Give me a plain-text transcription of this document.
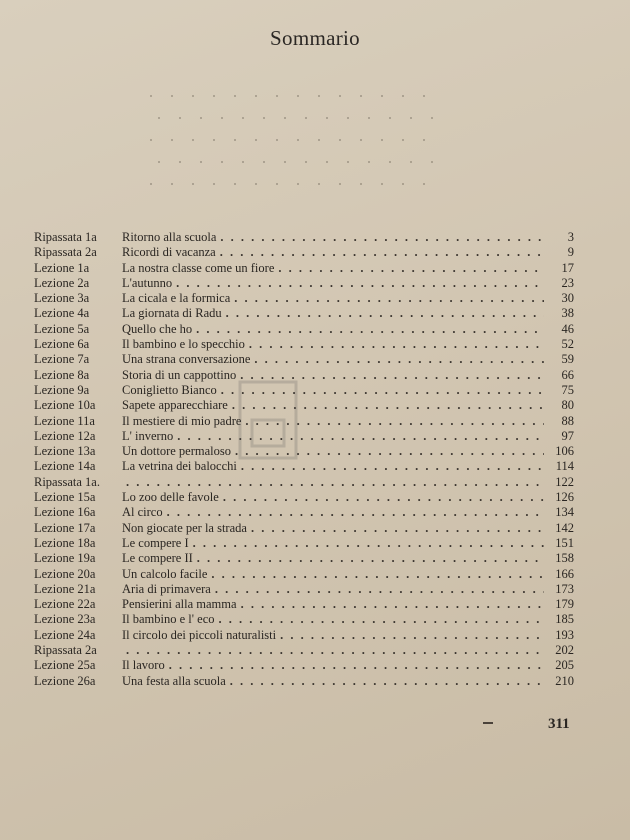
Sommario
Ripassata 1a	Ritorno alla scuola . . .	3
Ripassata 2a	Ricordi di vacanza . . .	9
Lezione 1a	La nostra classe come un fiore . . .	17
Lezione 2a	L'autunno . . .	23
Lezione 3a	La cicala e la formica . . .	30
Lezione 4a	La giornata di Radu . . .	38
Lezione 5a	Quello che ho . . .	46
Lezione 6a	Il bambino e lo specchio . . .	52
Lezione 7a	Una strana conversazione . . .	59
Lezione 8a	Storia di un cappottino . . .	66
Lezione 9a	Coniglietto Bianco . . .	75
Lezione 10a	Sapete apparecchiare . . .	80
Lezione 11a	Il mestiere di mio padre . . .	88
Lezione 12a	L' inverno . . .	97
Lezione 13a	Un dottore permaloso . . .	106
Lezione 14a	La vetrina dei balocchi . . .	114
Ripassata 1a. . . .	122
Lezione 15a	Lo zoo delle favole . . .	126
Lezione 16a	Al circo . . .	134
Lezione 17a	Non giocate per la strada . . .	142
Lezione 18a	Le compere I . . .	151
Lezione 19a	Le compere II . . .	158
Lezione 20a	Un calcolo facile . . .	166
Lezione 21a	Aria di primavera . . .	173
Lezione 22a	Pensierini alla mamma . . .	179
Lezione 23a	Il bambino e l' eco . . .	185
Lezione 24a	Il circolo dei piccoli naturalisti . . .	193
Ripassata 2a . . .	202
Lezione 25a	Il lavoro . . .	205
Lezione 26a	Una festa alla scuola . . .	210
311
